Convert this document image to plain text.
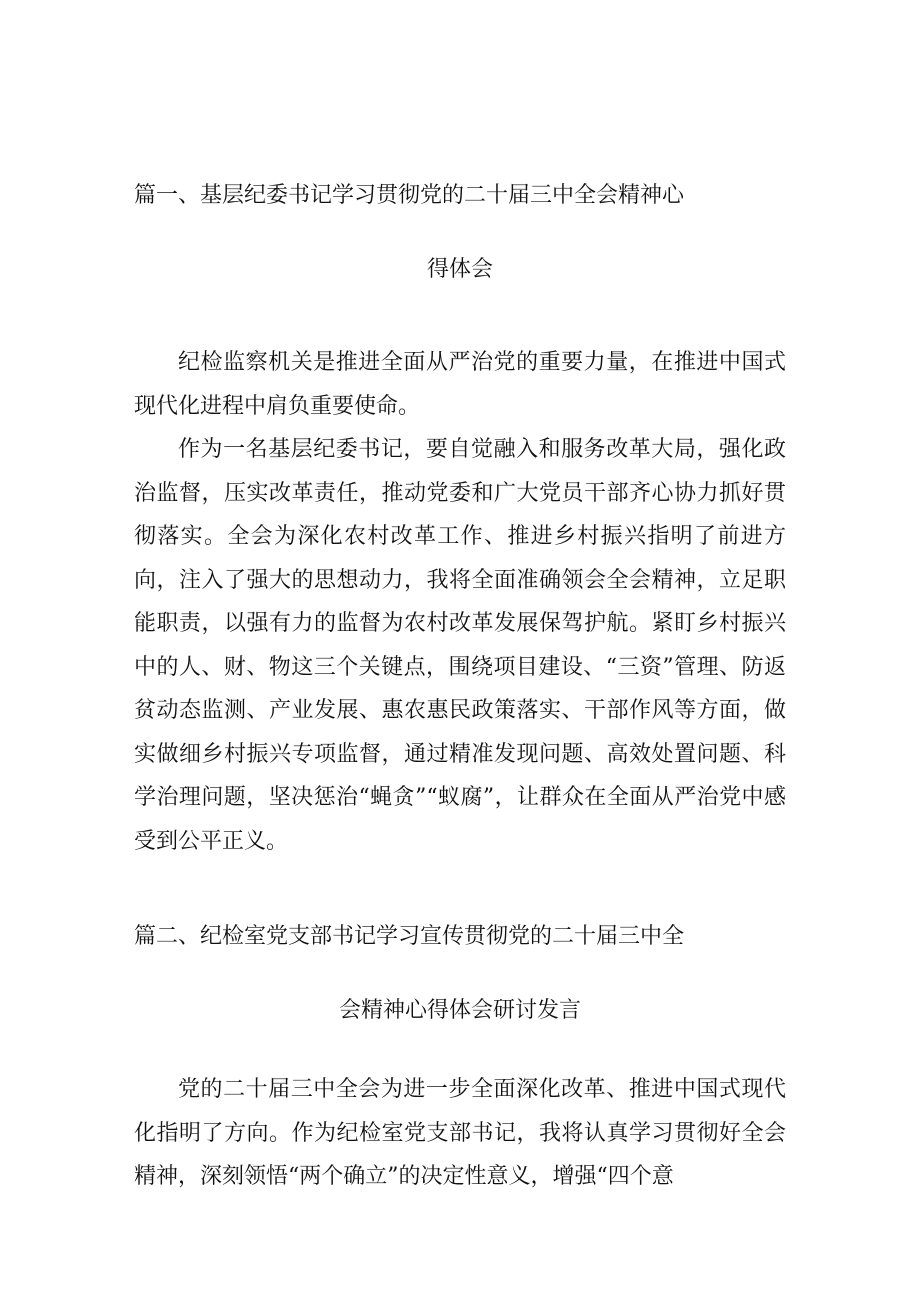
篇一、基层纪委书记学习贯彻党的二十届三中全会精神心
得体会

纪检监察机关是推进全面从严治党的重要力量，在推进中国式现代化进程中肩负重要使命。

作为一名基层纪委书记，要自觉融入和服务改革大局，强化政治监督，压实改革责任，推动党委和广大党员干部齐心协力抓好贯彻落实。全会为深化农村改革工作、推进乡村振兴指明了前进方向，注入了强大的思想动力，我将全面准确领会全会精神，立足职能职责，以强有力的监督为农村改革发展保驾护航。紧盯乡村振兴中的人、财、物这三个关键点，围绕项目建设、“三资”管理、防返贫动态监测、产业发展、惠农惠民政策落实、干部作风等方面，做实做细乡村振兴专项监督，通过精准发现问题、高效处置问题、科学治理问题，坚决惩治“蝇贪”“蚁腐”，让群众在全面从严治党中感受到公平正义。

篇二、纪检室党支部书记学习宣传贯彻党的二十届三中全
会精神心得体会研讨发言

党的二十届三中全会为进一步全面深化改革、推进中国式现代化指明了方向。作为纪检室党支部书记，我将认真学习贯彻好全会精神，深刻领悟“两个确立”的决定性意义，增强“四个意
